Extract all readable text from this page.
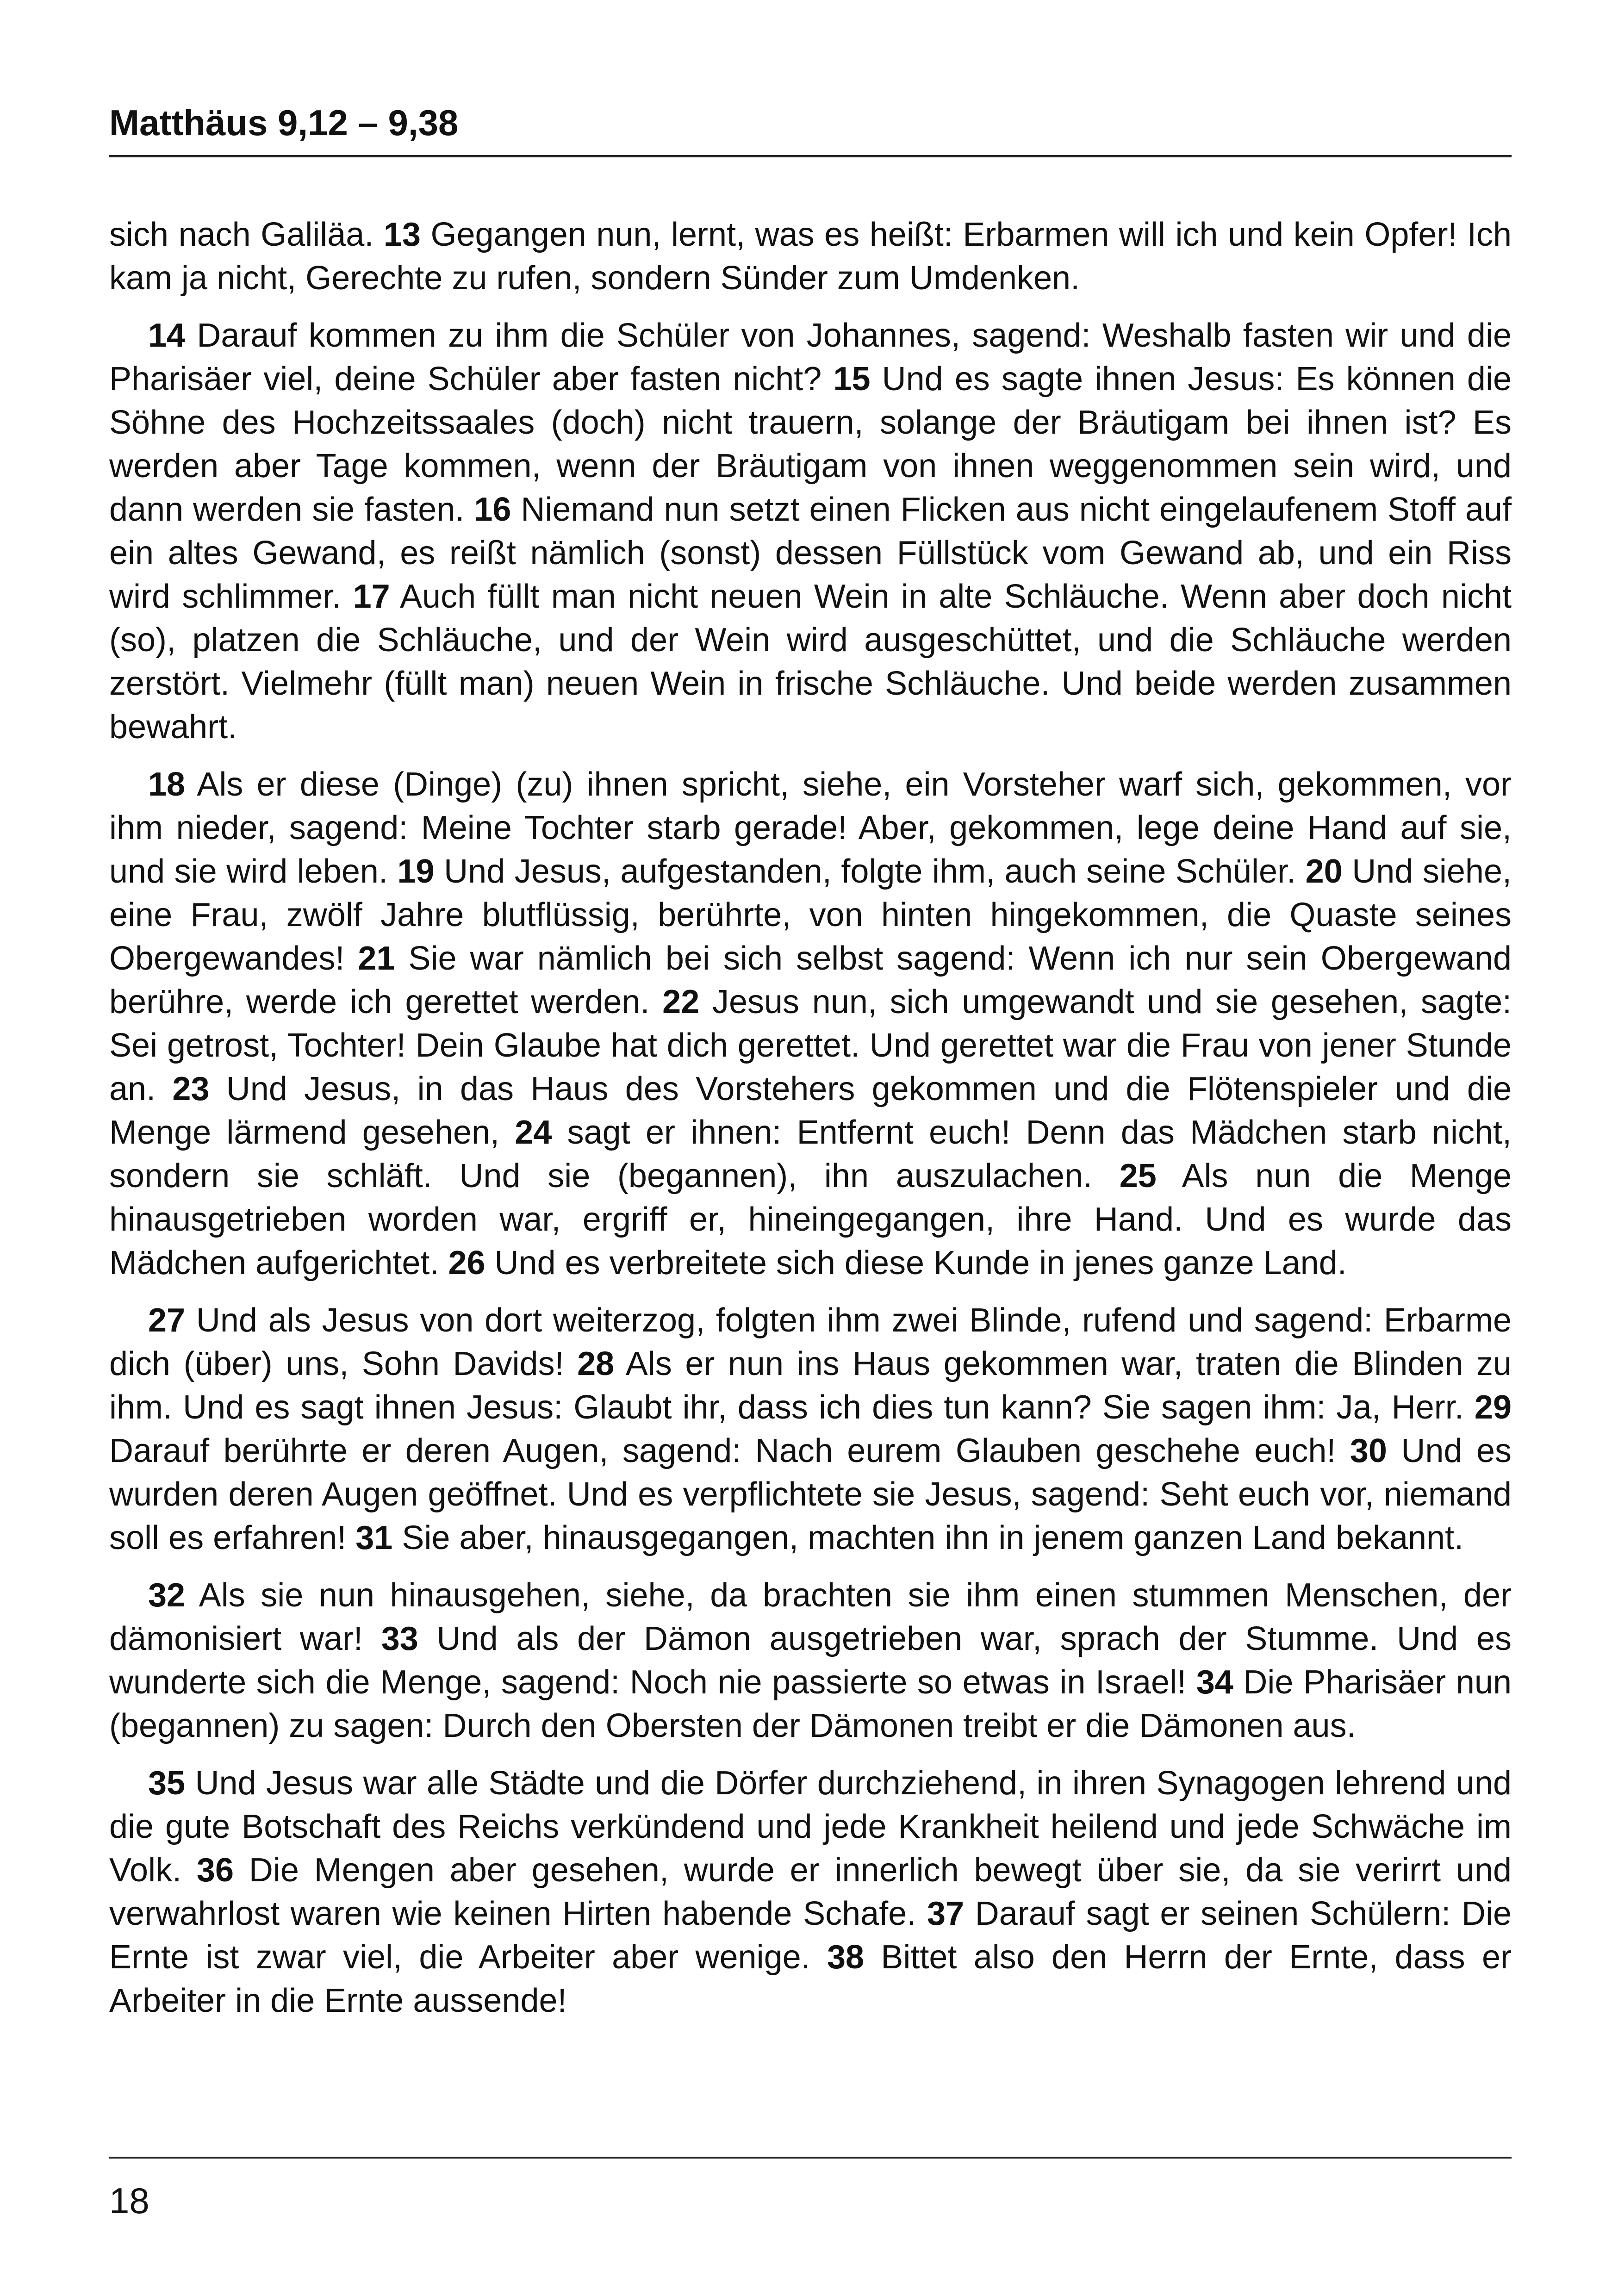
Matthäus 9,12 – 9,38

sich nach Galiläa. 13 Gegangen nun, lernt, was es heißt: Erbarmen will ich und kein Opfer! Ich kam ja nicht, Gerechte zu rufen, sondern Sünder zum Umdenken.

14 Darauf kommen zu ihm die Schüler von Johannes, sagend: Weshalb fasten wir und die Pharisäer viel, deine Schüler aber fasten nicht? 15 Und es sagte ihnen Jesus: Es können die Söhne des Hochzeitssaales (doch) nicht trauern, solange der Bräutigam bei ihnen ist? Es werden aber Tage kommen, wenn der Bräutigam von ihnen weggenommen sein wird, und dann werden sie fasten. 16 Niemand nun setzt einen Flicken aus nicht eingelaufenem Stoff auf ein altes Gewand, es reißt nämlich (sonst) dessen Füllstück vom Gewand ab, und ein Riss wird schlimmer. 17 Auch füllt man nicht neuen Wein in alte Schläuche. Wenn aber doch nicht (so), platzen die Schläuche, und der Wein wird ausgeschüttet, und die Schläuche werden zerstört. Vielmehr (füllt man) neuen Wein in frische Schläuche. Und beide werden zusammen bewahrt.

18 Als er diese (Dinge) (zu) ihnen spricht, siehe, ein Vorsteher warf sich, gekommen, vor ihm nieder, sagend: Meine Tochter starb gerade! Aber, gekommen, lege deine Hand auf sie, und sie wird leben. 19 Und Jesus, aufgestanden, folgte ihm, auch seine Schüler. 20 Und siehe, eine Frau, zwölf Jahre blutflüssig, berührte, von hinten hingekommen, die Quaste seines Obergewandes! 21 Sie war nämlich bei sich selbst sagend: Wenn ich nur sein Obergewand berühre, werde ich gerettet werden. 22 Jesus nun, sich umgewandt und sie gesehen, sagte: Sei getrost, Tochter! Dein Glaube hat dich gerettet. Und gerettet war die Frau von jener Stunde an. 23 Und Jesus, in das Haus des Vorstehers gekommen und die Flötenspieler und die Menge lärmend gesehen, 24 sagt er ihnen: Entfernt euch! Denn das Mädchen starb nicht, sondern sie schläft. Und sie (begannen), ihn auszulachen. 25 Als nun die Menge hinausgetrieben worden war, ergriff er, hineingegangen, ihre Hand. Und es wurde das Mädchen aufgerichtet. 26 Und es verbreitete sich diese Kunde in jenes ganze Land.

27 Und als Jesus von dort weiterzog, folgten ihm zwei Blinde, rufend und sagend: Erbarme dich (über) uns, Sohn Davids! 28 Als er nun ins Haus gekommen war, traten die Blinden zu ihm. Und es sagt ihnen Jesus: Glaubt ihr, dass ich dies tun kann? Sie sagen ihm: Ja, Herr. 29 Darauf berührte er deren Augen, sagend: Nach eurem Glauben geschehe euch! 30 Und es wurden deren Augen geöffnet. Und es verpflichtete sie Jesus, sagend: Seht euch vor, niemand soll es erfahren! 31 Sie aber, hinausgegangen, machten ihn in jenem ganzen Land bekannt.

32 Als sie nun hinausgehen, siehe, da brachten sie ihm einen stummen Menschen, der dämonisiert war! 33 Und als der Dämon ausgetrieben war, sprach der Stumme. Und es wunderte sich die Menge, sagend: Noch nie passierte so etwas in Israel! 34 Die Pharisäer nun (begannen) zu sagen: Durch den Obersten der Dämonen treibt er die Dämonen aus.

35 Und Jesus war alle Städte und die Dörfer durchziehend, in ihren Synagogen lehrend und die gute Botschaft des Reichs verkündend und jede Krankheit heilend und jede Schwäche im Volk. 36 Die Mengen aber gesehen, wurde er innerlich bewegt über sie, da sie verirrt und verwahrlost waren wie keinen Hirten habende Schafe. 37 Darauf sagt er seinen Schülern: Die Ernte ist zwar viel, die Arbeiter aber wenige. 38 Bittet also den Herrn der Ernte, dass er Arbeiter in die Ernte aussende!

18
